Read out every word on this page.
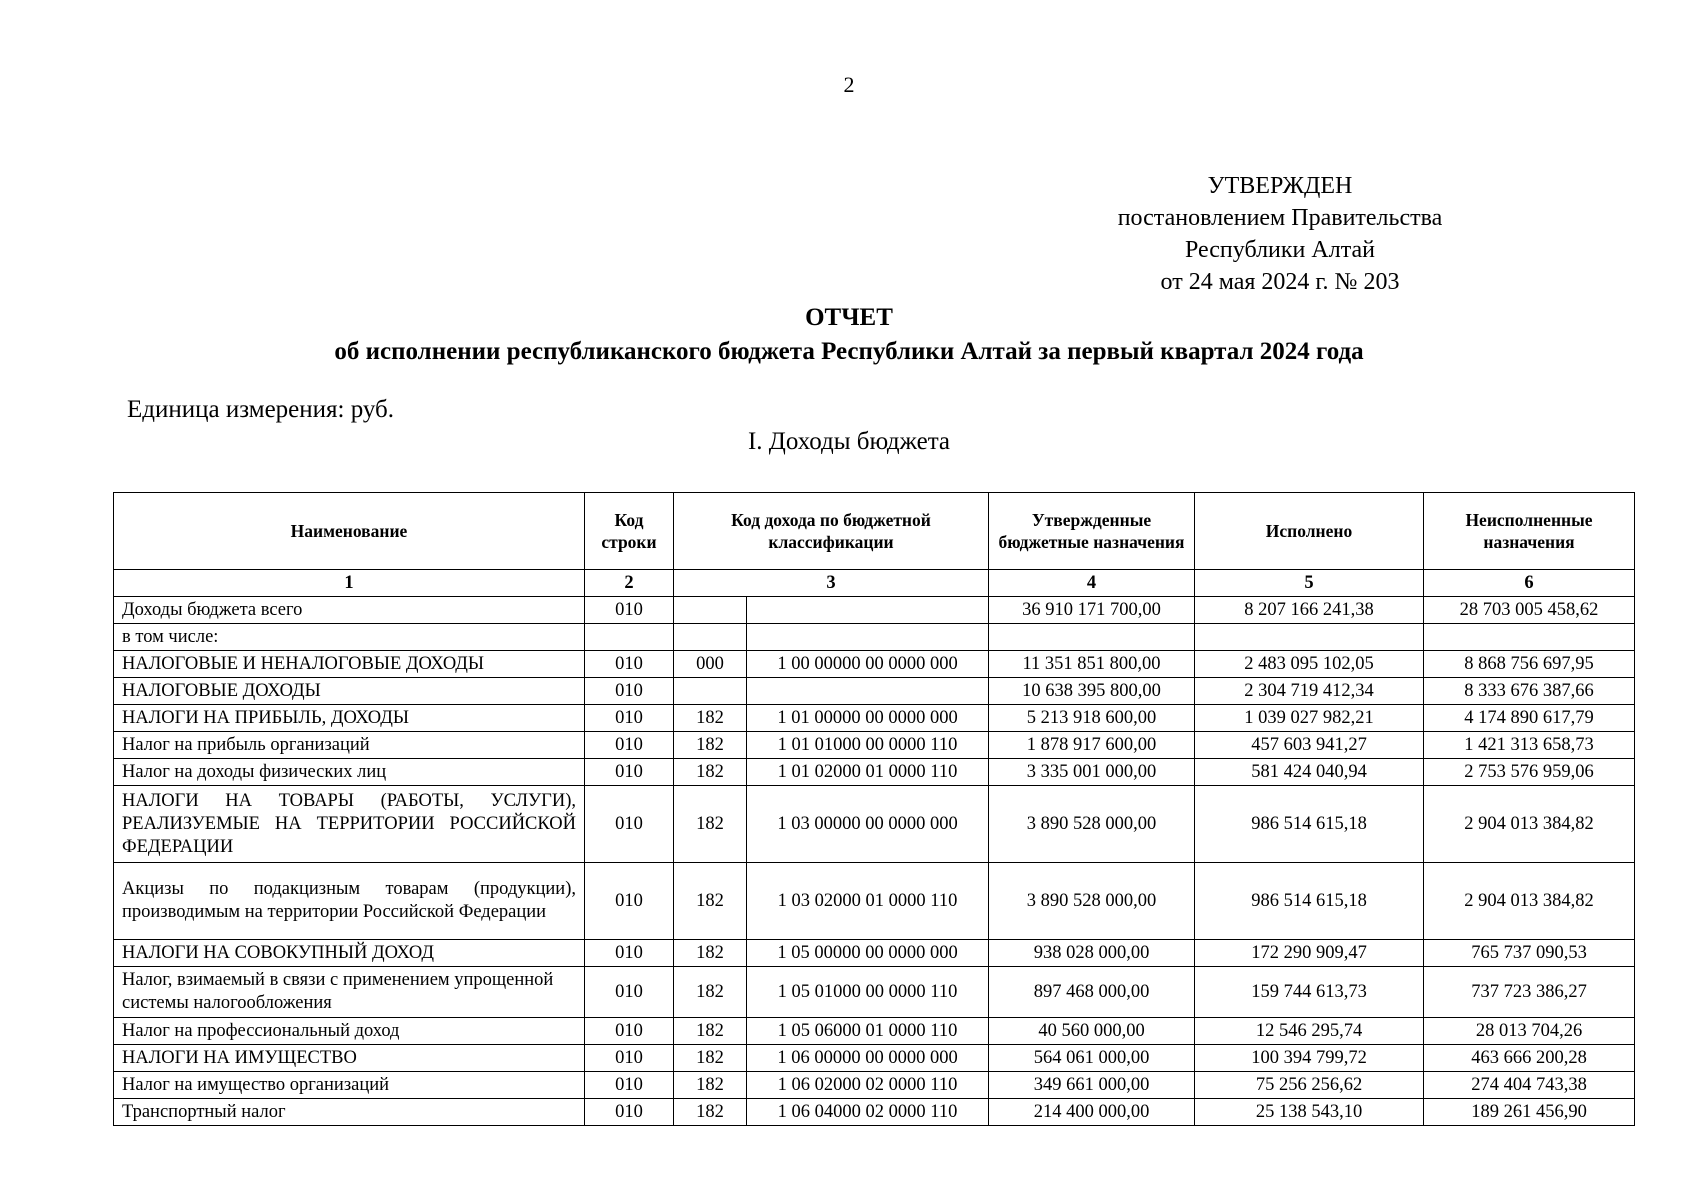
2
УТВЕРЖДЕН
постановлением Правительства
Республики Алтай
от 24 мая 2024 г. № 203
ОТЧЕТ
об исполнении республиканского бюджета Республики Алтай за первый квартал 2024 года
Единица измерения: руб.
I. Доходы бюджета
Наименование	Код строки	Код дохода по бюджетной классификации		Утвержденные бюджетные назначения	Исполнено	Неисполненные назначения
1	2	3		4	5	6
Доходы бюджета всего	010			36 910 171 700,00	8 207 166 241,38	28 703 005 458,62
в том числе:						
НАЛОГОВЫЕ И НЕНАЛОГОВЫЕ ДОХОДЫ	010	000	1 00 00000 00 0000 000	11 351 851 800,00	2 483 095 102,05	8 868 756 697,95
НАЛОГОВЫЕ ДОХОДЫ	010			10 638 395 800,00	2 304 719 412,34	8 333 676 387,66
НАЛОГИ НА ПРИБЫЛЬ, ДОХОДЫ	010	182	1 01 00000 00 0000 000	5 213 918 600,00	1 039 027 982,21	4 174 890 617,79
Налог на прибыль организаций	010	182	1 01 01000 00 0000 110	1 878 917 600,00	457 603 941,27	1 421 313 658,73
Налог на доходы физических лиц	010	182	1 01 02000 01 0000 110	3 335 001 000,00	581 424 040,94	2 753 576 959,06
НАЛОГИ НА ТОВАРЫ (РАБОТЫ, УСЛУГИ), РЕАЛИЗУЕМЫЕ НА ТЕРРИТОРИИ РОССИЙСКОЙ ФЕДЕРАЦИИ	010	182	1 03 00000 00 0000 000	3 890 528 000,00	986 514 615,18	2 904 013 384,82
Акцизы по подакцизным товарам (продукции), производимым на территории Российской Федерации	010	182	1 03 02000 01 0000 110	3 890 528 000,00	986 514 615,18	2 904 013 384,82
НАЛОГИ НА СОВОКУПНЫЙ ДОХОД	010	182	1 05 00000 00 0000 000	938 028 000,00	172 290 909,47	765 737 090,53
Налог, взимаемый в связи с применением упрощенной системы налогообложения	010	182	1 05 01000 00 0000 110	897 468 000,00	159 744 613,73	737 723 386,27
Налог на профессиональный доход	010	182	1 05 06000 01 0000 110	40 560 000,00	12 546 295,74	28 013 704,26
НАЛОГИ НА ИМУЩЕСТВО	010	182	1 06 00000 00 0000 000	564 061 000,00	100 394 799,72	463 666 200,28
Налог на имущество организаций	010	182	1 06 02000 02 0000 110	349 661 000,00	75 256 256,62	274 404 743,38
Транспортный налог	010	182	1 06 04000 02 0000 110	214 400 000,00	25 138 543,10	189 261 456,90
